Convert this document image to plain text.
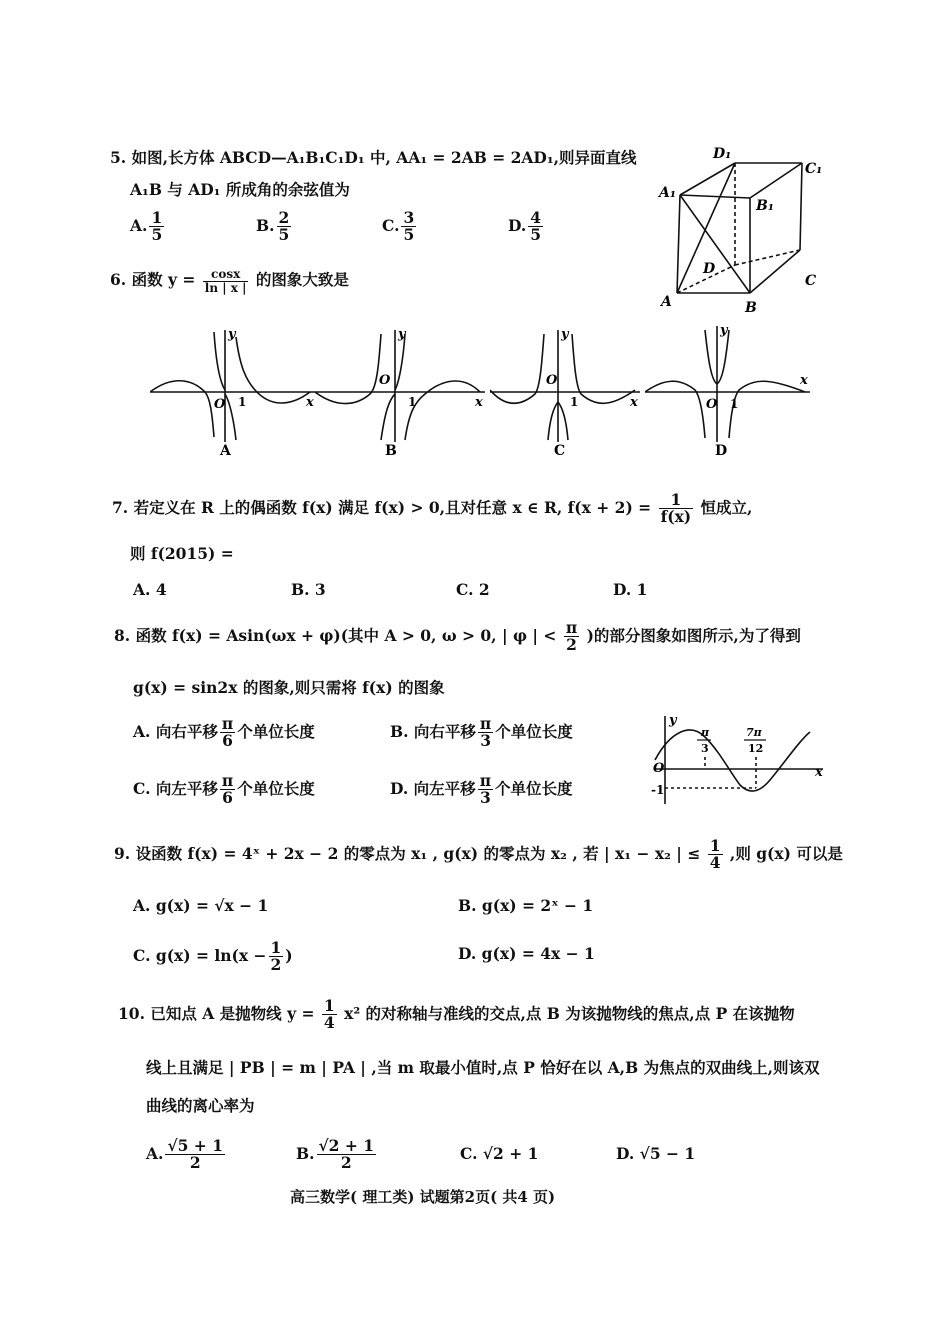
5. 如图,长方体 ABCD—A₁B₁C₁D₁ 中, AA₁ = 2AB = 2AD₁,则异面直线
A₁B 与 AD₁ 所成角的余弦值为
A. $\frac{1}{5}$	B. $\frac{2}{5}$	C. $\frac{3}{5}$	D. $\frac{4}{5}$
D₁
C₁
A₁
B₁
D
C
A	B
6. 函数 $y = \frac{\cos x}{\ln | x |}$ 的图象大致是
y
x
O 1
A
y
x
O
1
B
y
x
O
1
C
y
x
O 1
D
7. 若定义在 R 上的偶函数 f(x) 满足 f(x) > 0,且对任意 x ∈ R, $f(x + 2) = \frac{1}{f(x)}$ 恒成立,
则 f(2015) =
A. 4	B. 3	C. 2	D. 1
8. 函数 f(x) = Asin(ωx + φ)(其中 A > 0, ω > 0, | φ | < $\frac{\pi}{2}$ )的部分图象如图所示,为了得到
g(x) = sin2x 的图象,则只需将 f(x) 的图象
A. 向右平移 $\frac{\pi}{6}$ 个单位长度	B. 向右平移 $\frac{\pi}{3}$ 个单位长度
C. 向左平移 $\frac{\pi}{6}$ 个单位长度	D. 向左平移 $\frac{\pi}{3}$ 个单位长度
y
x
O
-1
π
3
7π
12
9. 设函数 f(x) = 4ˣ + 2x − 2 的零点为 x₁ , g(x) 的零点为 x₂ , 若 | x₁ − x₂ | ≤ $\frac{1}{4}$ ,则 g(x) 可以是
A. g(x) = √x − 1	B. g(x) = 2ˣ − 1
C. $g(x) = \ln(x - \frac{1}{2}$ )	D. g(x) = 4x − 1
10. 已知点 A 是抛物线 $y = \frac{1}{4} x^2$ 的对称轴与准线的交点,点 B 为该抛物线的焦点,点 P 在该抛物
线上且满足 | PB | = m | PA | ,当 m 取最小值时,点 P 恰好在以 A,B 为焦点的双曲线上,则该双
曲线的离心率为
A. $\frac{√5 + 1}{2}$	B. $\frac{√2 + 1}{2}$	C. √2 + 1	D. √5 − 1
高三数学( 理工类) 试题第2页( 共4 页)
